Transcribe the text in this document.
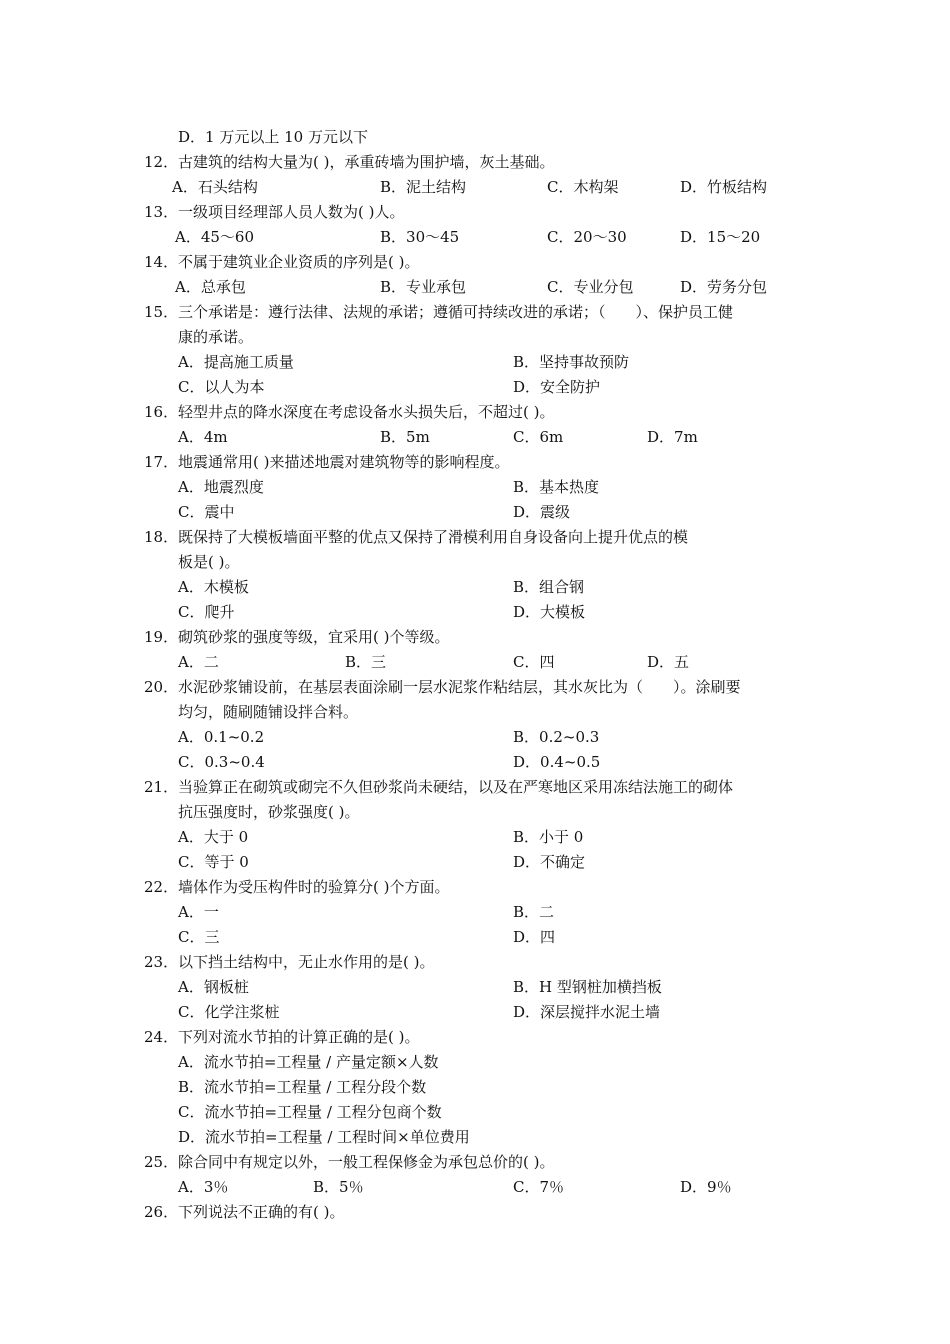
D．1 万元以上 10 万元以下
12． 古建筑的结构大量为( )，承重砖墙为围护墙，灰土基础。
A．石头结构	B．泥土结构	C．木构架	D．竹板结构
13． 一级项目经理部人员人数为( )人。
A．45～60	B．30～45	C．20～30	D．15～20
14． 不属于建筑业企业资质的序列是( )。
A．总承包	B．专业承包	C．专业分包	D．劳务分包
15． 三个承诺是：遵行法律、法规的承诺；遵循可持续改进的承诺；（　　）、保护员工健
康的承诺。
A．提高施工质量	B．坚持事故预防
C．以人为本	D．安全防护
16． 轻型井点的降水深度在考虑设备水头损失后，不超过( )。
A．4m	B．5m	C．6m	D．7m
17． 地震通常用( )来描述地震对建筑物等的影响程度。
A．地震烈度	B．基本热度
C．震中	D．震级
18． 既保持了大模板墙面平整的优点又保持了滑模利用自身设备向上提升优点的模
板是( )。
A．木模板	B．组合钢
C．爬升	D．大模板
19． 砌筑砂浆的强度等级，宜采用( )个等级。
A．二	B．三	C．四	D．五
20． 水泥砂浆铺设前，在基层表面涂刷一层水泥浆作粘结层，其水灰比为（　　）。涂刷要
均匀，随刷随铺设拌合料。
A．0.1~0.2	B．0.2~0.3
C．0.3~0.4	D．0.4~0.5
21． 当验算正在砌筑或砌完不久但砂浆尚未硬结，以及在严寒地区采用冻结法施工的砌体
抗压强度时，砂浆强度( )。
A．大于 0	B．小于 0
C．等于 0	D．不确定
22． 墙体作为受压构件时的验算分( )个方面。
A．一	B．二
C．三	D．四
23． 以下挡土结构中，无止水作用的是( )。
A．钢板桩	B．H 型钢桩加横挡板
C．化学注浆桩	D．深层搅拌水泥土墙
24． 下列对流水节拍的计算正确的是( )。
A．流水节拍=工程量 / 产量定额×人数
B．流水节拍=工程量 / 工程分段个数
C．流水节拍=工程量 / 工程分包商个数
D．流水节拍=工程量 / 工程时间×单位费用
25． 除合同中有规定以外，一般工程保修金为承包总价的( )。
A．3％	B．5％	C．7％	D．9％
26． 下列说法不正确的有( )。
